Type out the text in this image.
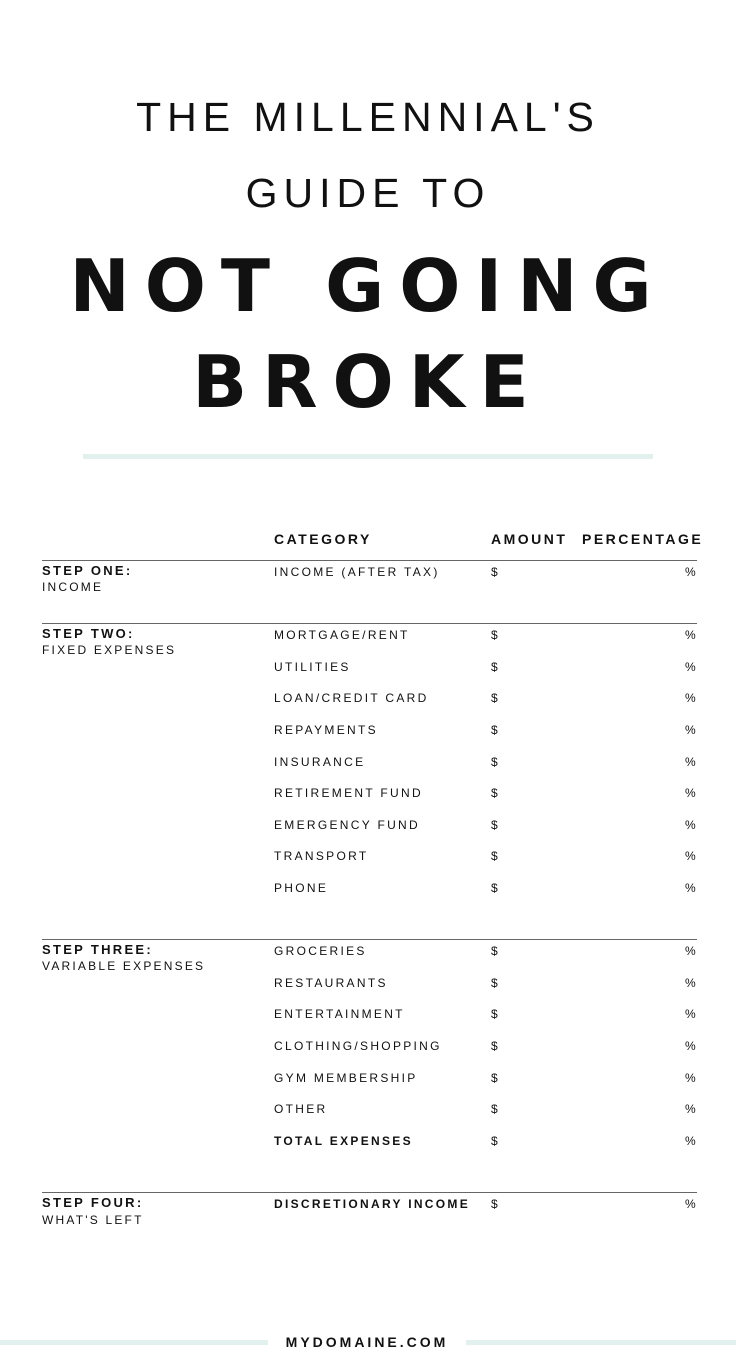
THE MILLENNIAL'S
GUIDE TO
NOT GOING
BROKE
CATEGORY	AMOUNT PERCENTAGE
STEP ONE:
INCOME
INCOME (AFTER TAX)	$	%
STEP TWO:
FIXED EXPENSES
MORTGAGE/RENT	$	%
UTILITIES	$	%
LOAN/CREDIT CARD	$	%
REPAYMENTS	$	%
INSURANCE	$	%
RETIREMENT FUND	$	%
EMERGENCY FUND	$	%
TRANSPORT	$	%
PHONE	$	%
STEP THREE:
VARIABLE EXPENSES
GROCERIES	$	%
RESTAURANTS	$	%
ENTERTAINMENT	$	%
CLOTHING/SHOPPING	$	%
GYM MEMBERSHIP	$	%
OTHER	$	%
TOTAL EXPENSES	$	%
STEP FOUR:
WHAT'S LEFT
DISCRETIONARY INCOME $	%
MYDOMAINE.COM
